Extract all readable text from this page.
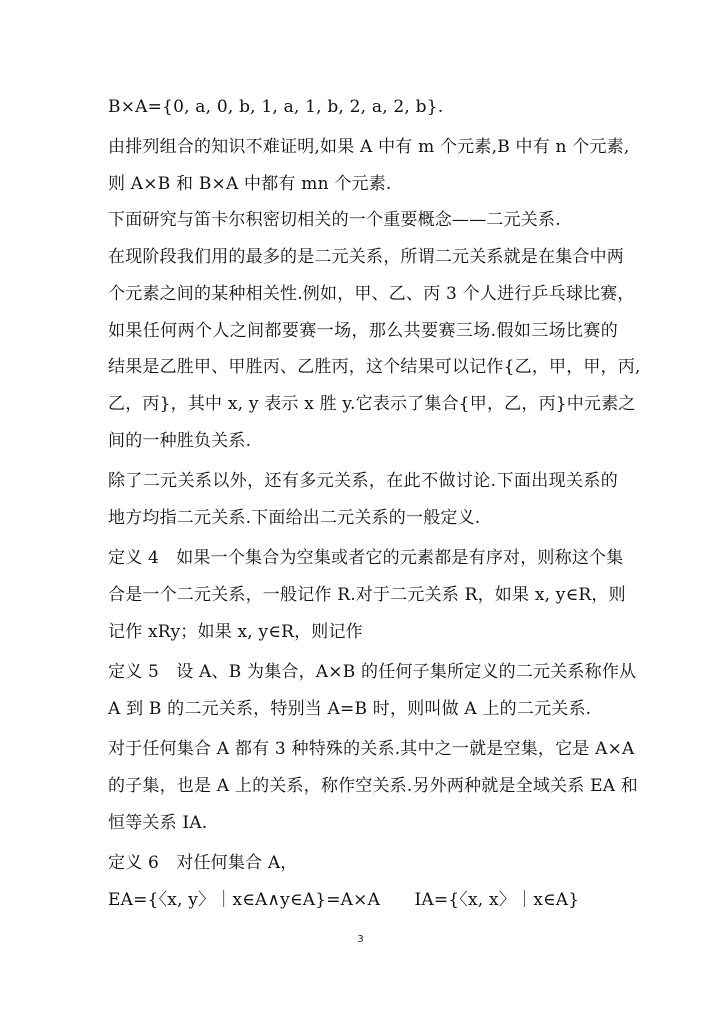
B×A={0, a, 0, b, 1, a, 1, b, 2, a, 2, b}.
由排列组合的知识不难证明,如果 A 中有 m 个元素,B 中有 n 个元素,
则 A×B 和 B×A 中都有 mn 个元素.
下面研究与笛卡尔积密切相关的一个重要概念——二元关系.
在现阶段我们用的最多的是二元关系，所谓二元关系就是在集合中两
个元素之间的某种相关性.例如，甲、乙、丙 3 个人进行乒乓球比赛，
如果任何两个人之间都要赛一场，那么共要赛三场.假如三场比赛的
结果是乙胜甲、甲胜丙、乙胜丙，这个结果可以记作{乙，甲，甲，丙,
乙，丙}，其中 x, y 表示 x 胜 y.它表示了集合{甲，乙，丙}中元素之
间的一种胜负关系.
除了二元关系以外，还有多元关系，在此不做讨论.下面出现关系的
地方均指二元关系.下面给出二元关系的一般定义.
定义 4　如果一个集合为空集或者它的元素都是有序对，则称这个集
合是一个二元关系，一般记作 R.对于二元关系 R，如果 x, y∈R，则
记作 xRy；如果 x, y∈R，则记作
定义 5　设 A、B 为集合，A×B 的任何子集所定义的二元关系称作从
A 到 B 的二元关系，特别当 A=B 时，则叫做 A 上的二元关系.
对于任何集合 A 都有 3 种特殊的关系.其中之一就是空集，它是 A×A
的子集，也是 A 上的关系，称作空关系.另外两种就是全域关系 EA 和
恒等关系 IA.
定义 6　对任何集合 A，
EA={〈x, y〉｜x∈A∧y∈A}=A×A　　IA={〈x, x〉｜x∈A}
3
